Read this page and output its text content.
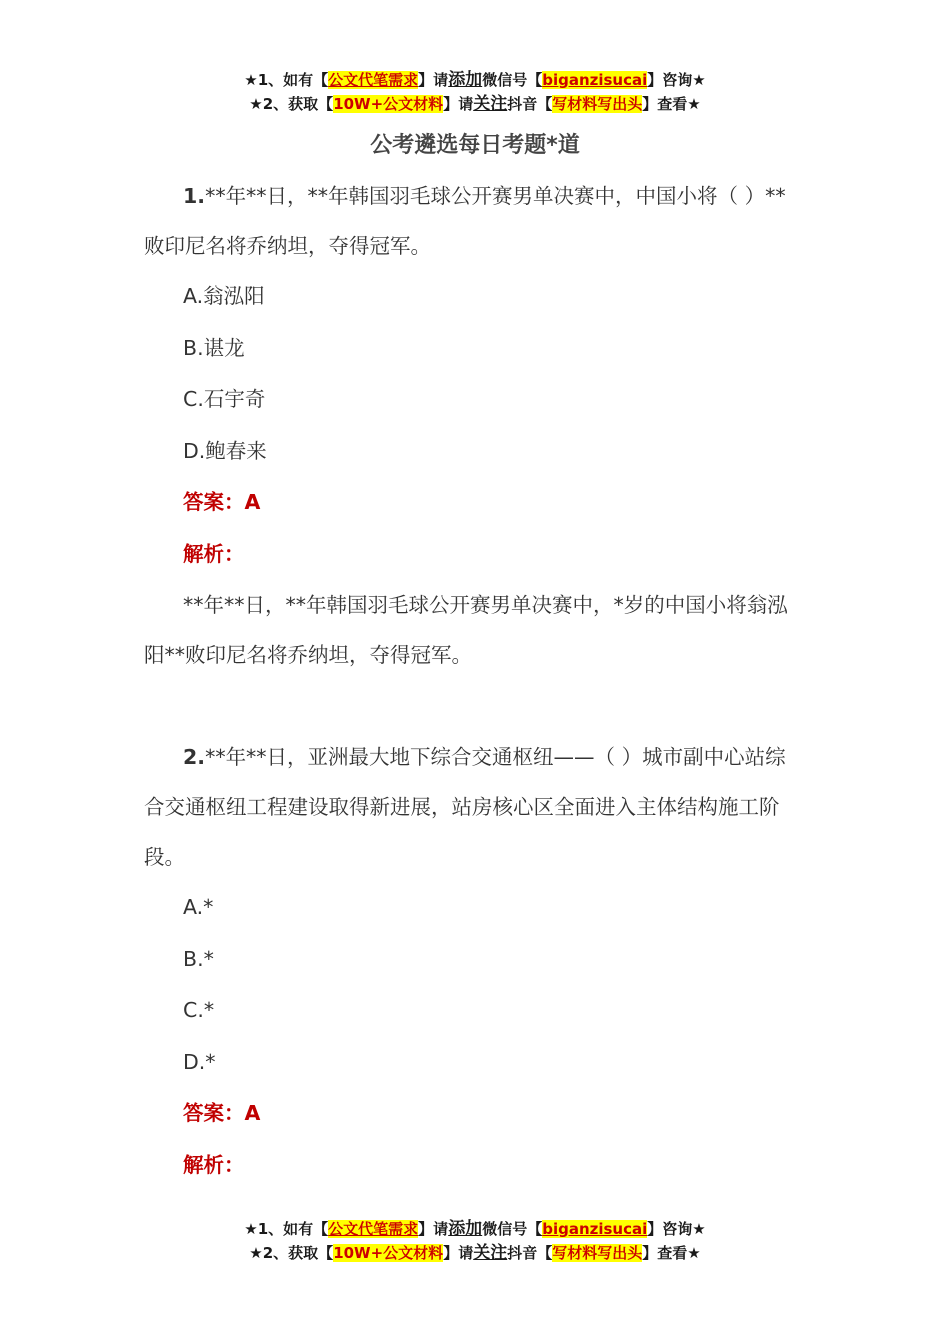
★1、如有【公文代笔需求】请添加微信号【biganzisucai】咨询★
★2、获取【10W+公文材料】请关注抖音【写材料写出头】查看★
公考遴选每日考题*道

1.**年**日，**年韩国羽毛球公开赛男单决赛中，中国小将（ ）**败印尼名将乔纳坦，夺得冠军。

A.翁泓阳

B.谌龙

C.石宇奇

D.鲍春来

答案：A

解析：

**年**日，**年韩国羽毛球公开赛男单决赛中，*岁的中国小将翁泓阳**败印尼名将乔纳坦，夺得冠军。

2.**年**日，亚洲最大地下综合交通枢纽——（ ）城市副中心站综合交通枢纽工程建设取得新进展，站房核心区全面进入主体结构施工阶段。

A.*

B.*

C.*

D.*

答案：A

解析：

★1、如有【公文代笔需求】请添加微信号【biganzisucai】咨询★
★2、获取【10W+公文材料】请关注抖音【写材料写出头】查看★
